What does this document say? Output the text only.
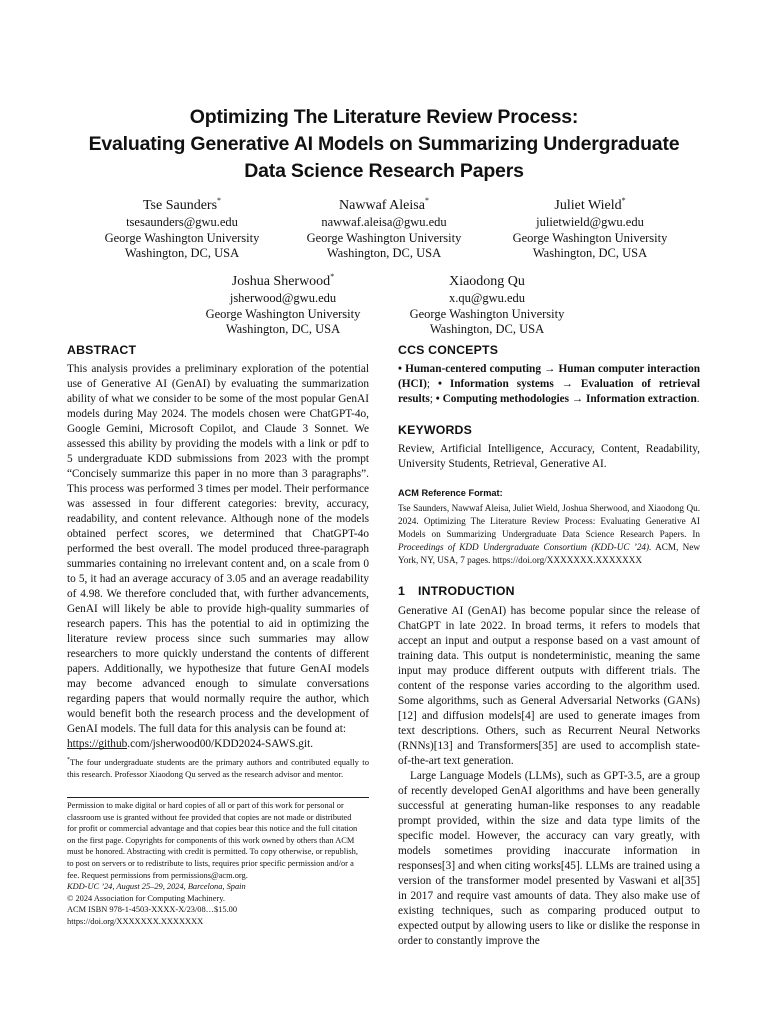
Optimizing The Literature Review Process:
Evaluating Generative AI Models on Summarizing Undergraduate
Data Science Research Papers
Tse Saunders*
tsesaunders@gwu.edu
George Washington University
Washington, DC, USA
Nawwaf Aleisa*
nawwaf.aleisa@gwu.edu
George Washington University
Washington, DC, USA
Juliet Wield*
julietwield@gwu.edu
George Washington University
Washington, DC, USA
Joshua Sherwood*
jsherwood@gwu.edu
George Washington University
Washington, DC, USA
Xiaodong Qu
x.qu@gwu.edu
George Washington University
Washington, DC, USA
ABSTRACT

This analysis provides a preliminary exploration of the potential use of Generative AI (GenAI) by evaluating the summarization ability of what we consider to be some of the most popular GenAI models during May 2024. The models chosen were ChatGPT-4o, Google Gemini, Microsoft Copilot, and Claude 3 Sonnet. We assessed this ability by providing the models with a link or pdf to 5 undergraduate KDD submissions from 2023 with the prompt “Concisely summarize this paper in no more than 3 paragraphs”. This process was performed 3 times per model. Their performance was assessed in four different categories: brevity, accuracy, readability, and content relevance. Although none of the models obtained perfect scores, we determined that ChatGPT-4o performed the best overall. The model produced three-paragraph summaries containing no irrelevant content and, on a scale from 0 to 5, it had an average accuracy of 3.05 and an average readability of 4.98. We therefore concluded that, with further advancements, GenAI will likely be able to provide high-quality summaries of research papers. This has the potential to aid in optimizing the literature review process since such summaries may allow researchers to more quickly understand the contents of different papers. Additionally, we hypothesize that future GenAI models may become advanced enough to simulate conversations regarding papers that would normally require the author, which would benefit both the research process and the development of GenAI models. The full data for this analysis can be found at:

https://github.com/jsherwood00/KDD2024-SAWS.git.
*The four undergraduate students are the primary authors and contributed equally to this research. Professor Xiaodong Qu served as the research advisor and mentor.
Permission to make digital or hard copies of all or part of this work for personal or
classroom use is granted without fee provided that copies are not made or distributed
for profit or commercial advantage and that copies bear this notice and the full citation
on the first page. Copyrights for components of this work owned by others than ACM
must be honored. Abstracting with credit is permitted. To copy otherwise, or republish,
to post on servers or to redistribute to lists, requires prior specific permission and/or a
fee. Request permissions from permissions@acm.org.
KDD-UC ’24, August 25–29, 2024, Barcelona, Spain
© 2024 Association for Computing Machinery.
ACM ISBN 978-1-4503-XXXX-X/23/08…$15.00
https://doi.org/XXXXXXX.XXXXXXX
CCS CONCEPTS

• Human-centered computing → Human computer interaction (HCI); • Information systems → Evaluation of retrieval results; • Computing methodologies → Information extraction.

KEYWORDS

Review, Artificial Intelligence, Accuracy, Content, Readability, University Students, Retrieval, Generative AI.

ACM Reference Format:

Tse Saunders, Nawwaf Aleisa, Juliet Wield, Joshua Sherwood, and Xiaodong Qu. 2024. Optimizing The Literature Review Process: Evaluating Generative AI Models on Summarizing Undergraduate Data Science Research Papers. In Proceedings of KDD Undergraduate Consortium (KDD-UC ’24). ACM, New York, NY, USA, 7 pages. https://doi.org/XXXXXXX.XXXXXXX

1 INTRODUCTION

Generative AI (GenAI) has become popular since the release of ChatGPT in late 2022. In broad terms, it refers to models that accept an input and output a response based on a vast amount of training data. This output is nondeterministic, meaning the same input may produce different outputs with different trials. The content of the response varies according to the algorithm used. Some algorithms, such as General Adversarial Networks (GANs)[12] and diffusion models[4] are used to generate images from text descriptions. Others, such as Recurrent Neural Networks (RNNs)[13] and Transformers[35] are used to accomplish state-of-the-art text generation.

Large Language Models (LLMs), such as GPT-3.5, are a group of recently developed GenAI algorithms and have been generally successful at generating human-like responses to any readable prompt provided, within the size and data type limits of the specific model. However, the accuracy can vary greatly, with models sometimes providing inaccurate information in responses[3] and when citing works[45]. LLMs are trained using a version of the transformer model presented by Vaswani et al[35] in 2017 and require vast amounts of data. They also make use of existing techniques, such as comparing produced output to expected output by allowing users to like or dislike the response in order to constantly improve the
